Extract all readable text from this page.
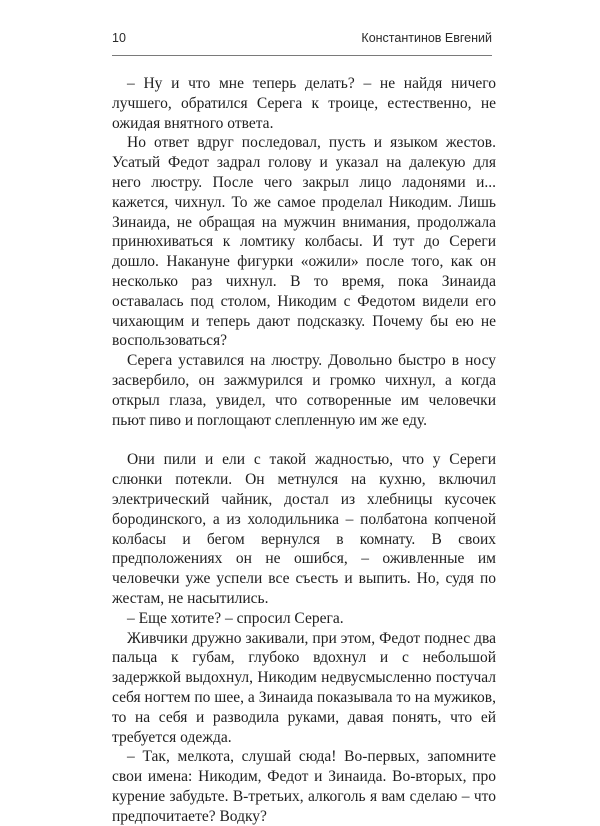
10	Константинов Евгений

– Ну и что мне теперь делать? – не найдя ничего лучшего, обратился Серега к троице, естественно, не ожидая внятного ответа.

Но ответ вдруг последовал, пусть и языком жестов. Усатый Федот задрал голову и указал на далекую для него люстру. После чего закрыл лицо ладонями и... кажется, чихнул. То же самое проделал Никодим. Лишь Зинаида, не обращая на мужчин внимания, продолжала принюхиваться к ломтику колбасы. И тут до Сереги дошло. Накануне фигурки «ожили» после того, как он несколько раз чихнул. В то время, пока Зинаида оставалась под столом, Никодим с Федотом видели его чихающим и теперь дают подсказку. Почему бы ею не воспользоваться?

Серега уставился на люстру. Довольно быстро в носу засвербило, он зажмурился и громко чихнул, а когда открыл глаза, увидел, что сотворенные им человечки пьют пиво и поглощают слепленную им же еду.

Они пили и ели с такой жадностью, что у Сереги слюнки потекли. Он метнулся на кухню, включил электрический чайник, достал из хлебницы кусочек бородинского, а из холодильника – полбатона копченой колбасы и бегом вернулся в комнату. В своих предположениях он не ошибся, – оживленные им человечки уже успели все съесть и выпить. Но, судя по жестам, не насытились.

– Еще хотите? – спросил Серега.

Живчики дружно закивали, при этом, Федот поднес два пальца к губам, глубоко вдохнул и с небольшой задержкой выдохнул, Никодим недвусмысленно постучал себя ногтем по шее, а Зинаида показывала то на мужиков, то на себя и разводила руками, давая понять, что ей требуется одежда.

– Так, мелкота, слушай сюда! Во-первых, запомните свои имена: Никодим, Федот и Зинаида. Во-вторых, про курение забудьте. В-третьих, алкоголь я вам сделаю – что предпочитаете? Водку?
